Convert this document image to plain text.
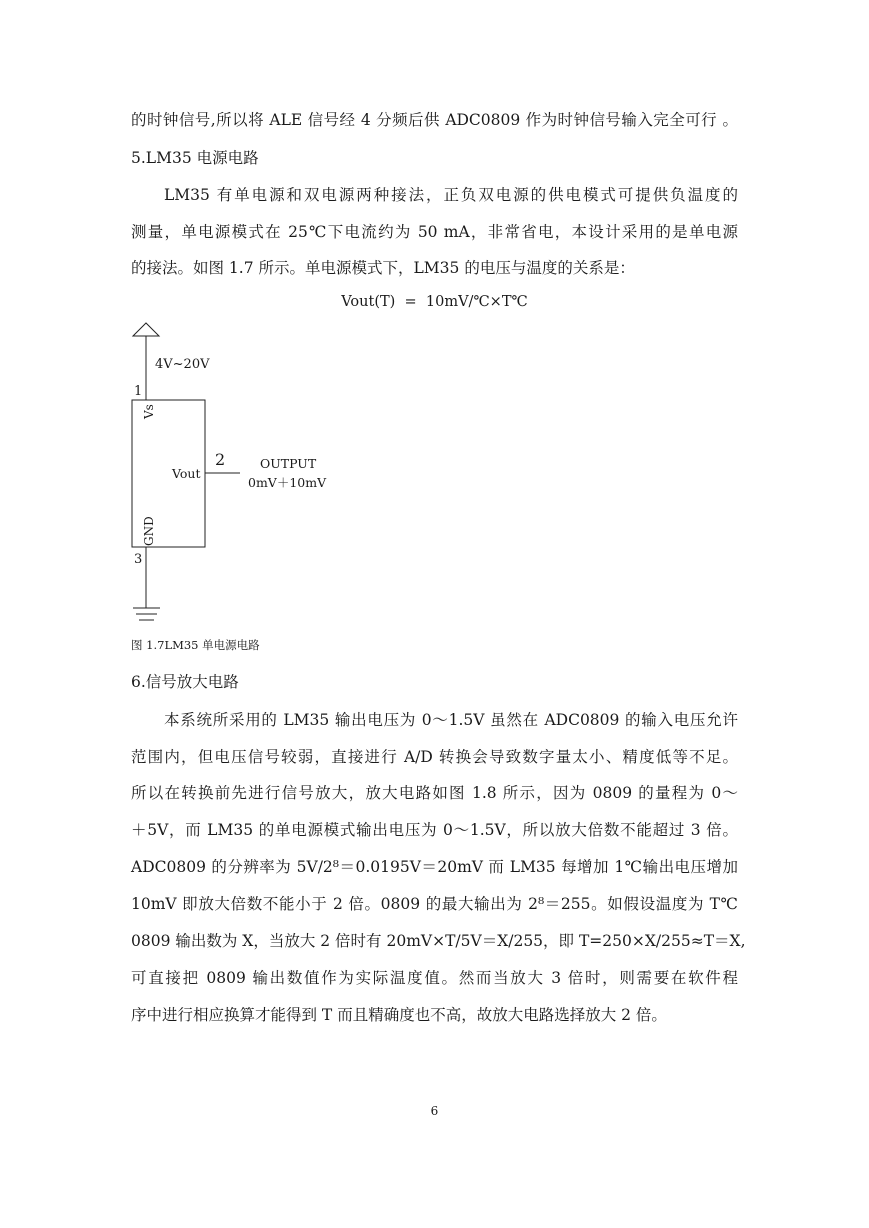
的时钟信号,所以将 ALE 信号经 4 分频后供 ADC0809 作为时钟信号输入完全可行 。
5.LM35 电源电路
LM35 有单电源和双电源两种接法，正负双电源的供电模式可提供负温度的
测量，单电源模式在 25℃下电流约为 50 mA，非常省电，本设计采用的是单电源
的接法。如图 1.7 所示。单电源模式下，LM35 的电压与温度的关系是：
Vout(T)  =  10mV/℃×T℃
4V~20V
1
Vs
Vout
GND
2	OUTPUT
0mV＋10mV
3
图 1.7LM35 单电源电路
6.信号放大电路
本系统所采用的 LM35 输出电压为 0～1.5V 虽然在 ADC0809 的输入电压允许
范围内，但电压信号较弱，直接进行 A/D 转换会导致数字量太小、精度低等不足。
所以在转换前先进行信号放大，放大电路如图 1.8 所示，因为 0809 的量程为 0～
＋5V，而 LM35 的单电源模式输出电压为 0～1.5V，所以放大倍数不能超过 3 倍。
ADC0809 的分辨率为 5V/2⁸＝0.0195V＝20mV 而 LM35 每增加 1℃输出电压增加
10mV 即放大倍数不能小于 2 倍。0809 的最大输出为 2⁸＝255。如假设温度为 T℃
0809 输出数为 X，当放大 2 倍时有 20mV×T/5V＝X/255，即 T=250×X/255≈T＝X,
可直接把 0809 输出数值作为实际温度值。然而当放大 3 倍时，则需要在软件程
序中进行相应换算才能得到 T 而且精确度也不高，故放大电路选择放大 2 倍。
6
